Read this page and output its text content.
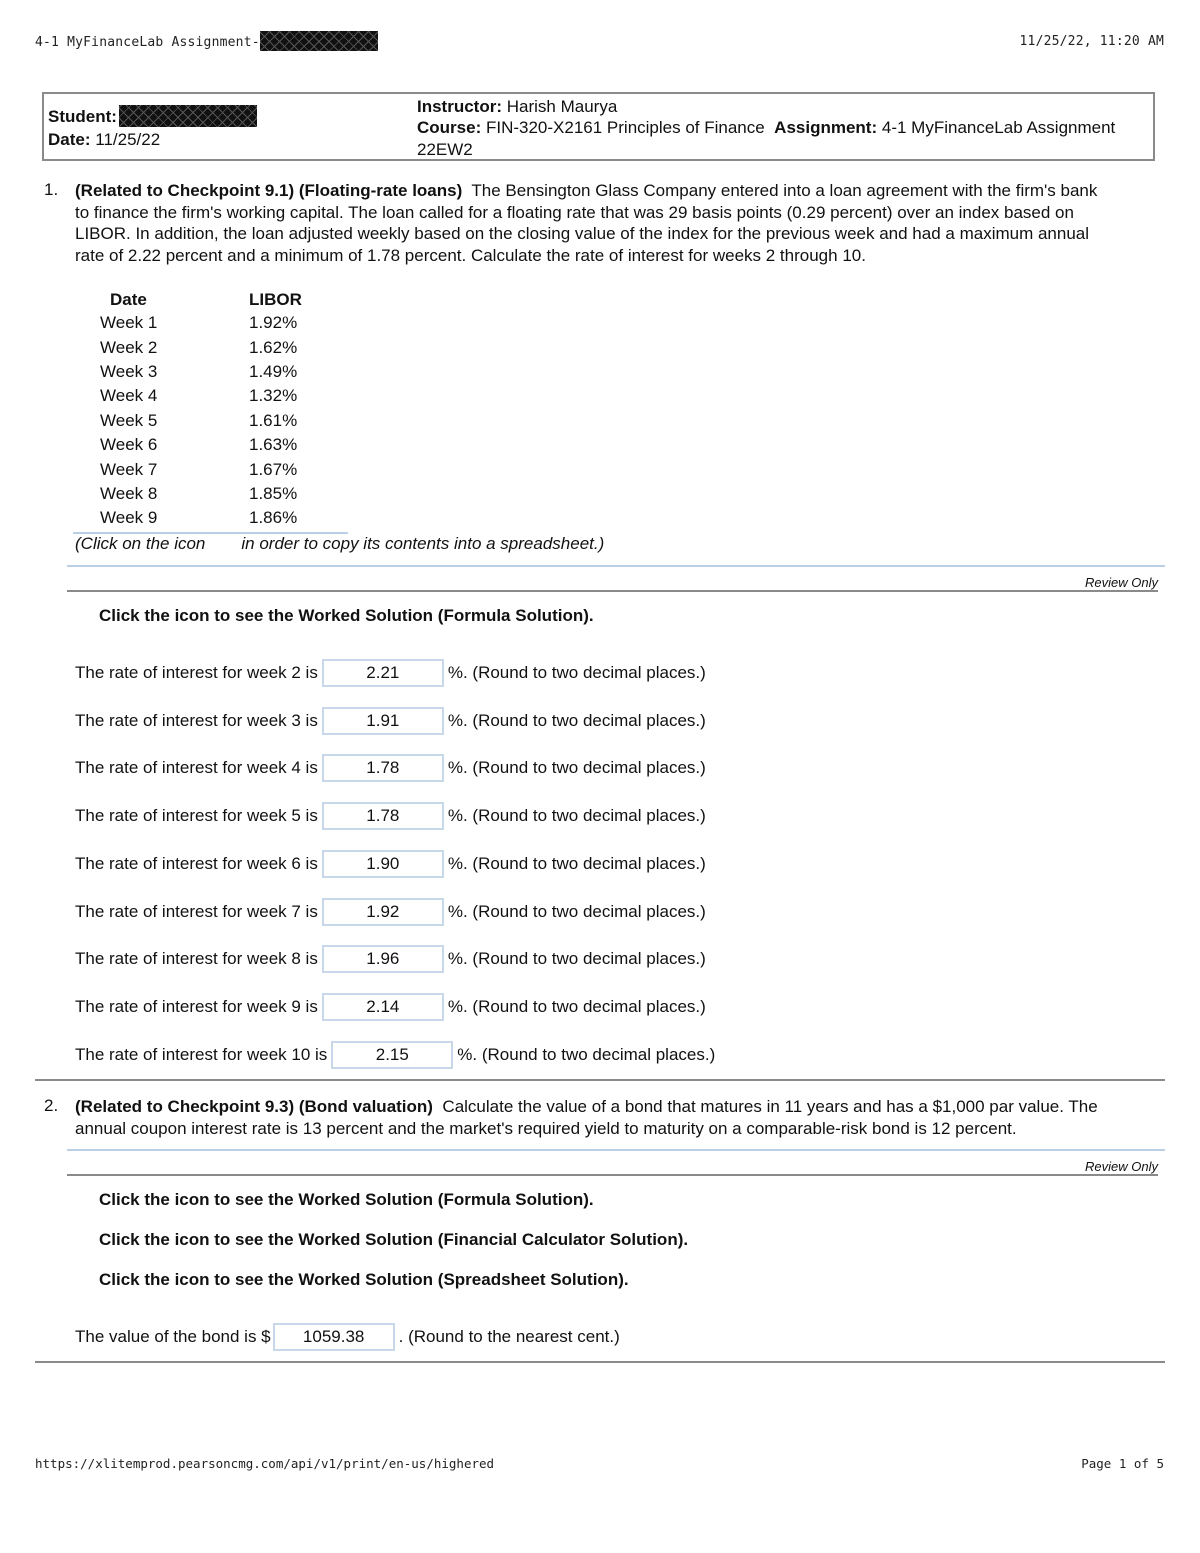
4-1 MyFinanceLab Assignment-	11/25/22, 11:20 AM
Student:
Date: 11/25/22
Instructor: Harish Maurya
Course: FIN-320-X2161 Principles of Finance Assignment: 4-1 MyFinanceLab Assignment
22EW2
1. (Related to Checkpoint 9.1) (Floating-rate loans) The Bensington Glass Company entered into a loan agreement with the firm's bank
to finance the firm's working capital. The loan called for a floating rate that was 29 basis points (0.29 percent) over an index based on
LIBOR. In addition, the loan adjusted weekly based on the closing value of the index for the previous week and had a maximum annual
rate of 2.22 percent and a minimum of 1.78 percent. Calculate the rate of interest for weeks 2 through 10.
Date	LIBOR
Week 1	1.92%
Week 2	1.62%
Week 3	1.49%
Week 4	1.32%
Week 5	1.61%
Week 6	1.63%
Week 7	1.67%
Week 8	1.85%
Week 9	1.86%
(Click on the icon in order to copy its contents into a spreadsheet.)
Review Only
Click the icon to see the Worked Solution (Formula Solution).
The rate of interest for week 2 is	2.21	%. (Round to two decimal places.)
The rate of interest for week 3 is	1.91	%. (Round to two decimal places.)
The rate of interest for week 4 is	1.78	%. (Round to two decimal places.)
The rate of interest for week 5 is	1.78	%. (Round to two decimal places.)
The rate of interest for week 6 is	1.90	%. (Round to two decimal places.)
The rate of interest for week 7 is	1.92	%. (Round to two decimal places.)
The rate of interest for week 8 is	1.96	%. (Round to two decimal places.)
The rate of interest for week 9 is	2.14	%. (Round to two decimal places.)
The rate of interest for week 10 is	2.15	%. (Round to two decimal places.)
2. (Related to Checkpoint 9.3) (Bond valuation) Calculate the value of a bond that matures in 11 years and has a $1,000 par value. The
annual coupon interest rate is 13 percent and the market's required yield to maturity on a comparable-risk bond is 12 percent.
Review Only
Click the icon to see the Worked Solution (Formula Solution).
Click the icon to see the Worked Solution (Financial Calculator Solution).
Click the icon to see the Worked Solution (Spreadsheet Solution).
The value of the bond is $	1059.38	. (Round to the nearest cent.)
https://xlitemprod.pearsoncmg.com/api/v1/print/en-us/highered	Page 1 of 5
